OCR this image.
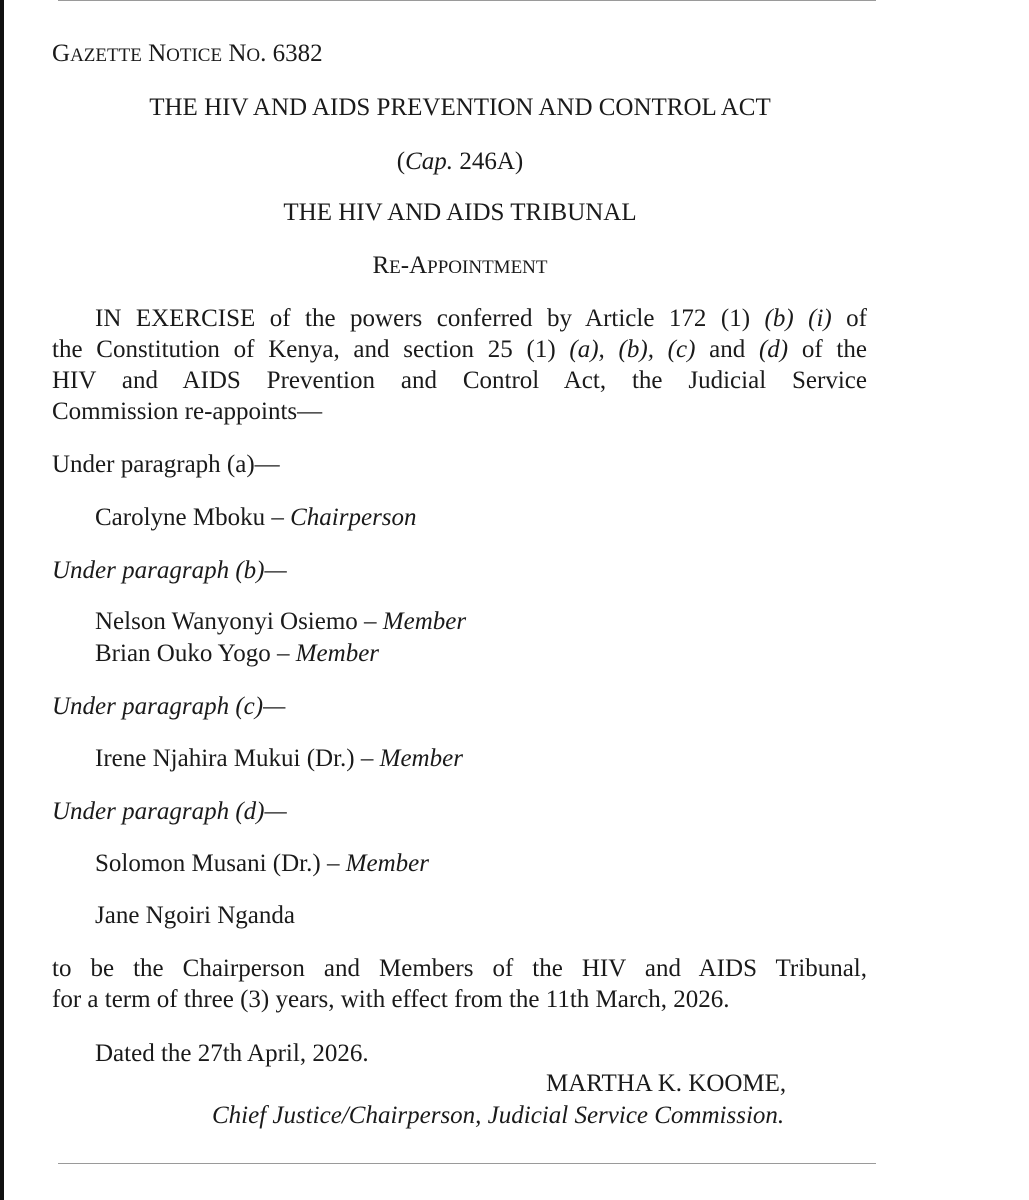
GAZETTE NOTICE NO. 6382
THE HIV AND AIDS PREVENTION AND CONTROL ACT
(Cap. 246A)
THE HIV AND AIDS TRIBUNAL
RE-APPOINTMENT
IN EXERCISE of the powers conferred by Article 172 (1) (b) (i) of
the Constitution of Kenya, and section 25 (1) (a), (b), (c) and (d) of the
HIV and AIDS Prevention and Control Act, the Judicial Service
Commission re-appoints—
Under paragraph (a)—
Carolyne Mboku – Chairperson
Under paragraph (b)—
Nelson Wanyonyi Osiemo – Member
Brian Ouko Yogo – Member
Under paragraph (c)—
Irene Njahira Mukui (Dr.) – Member
Under paragraph (d)—
Solomon Musani (Dr.) – Member
Jane Ngoiri Nganda
to be the Chairperson and Members of the HIV and AIDS Tribunal,
for a term of three (3) years, with effect from the 11th March, 2026.
Dated the 27th April, 2026.
MARTHA K. KOOME,
Chief Justice/Chairperson, Judicial Service Commission.
